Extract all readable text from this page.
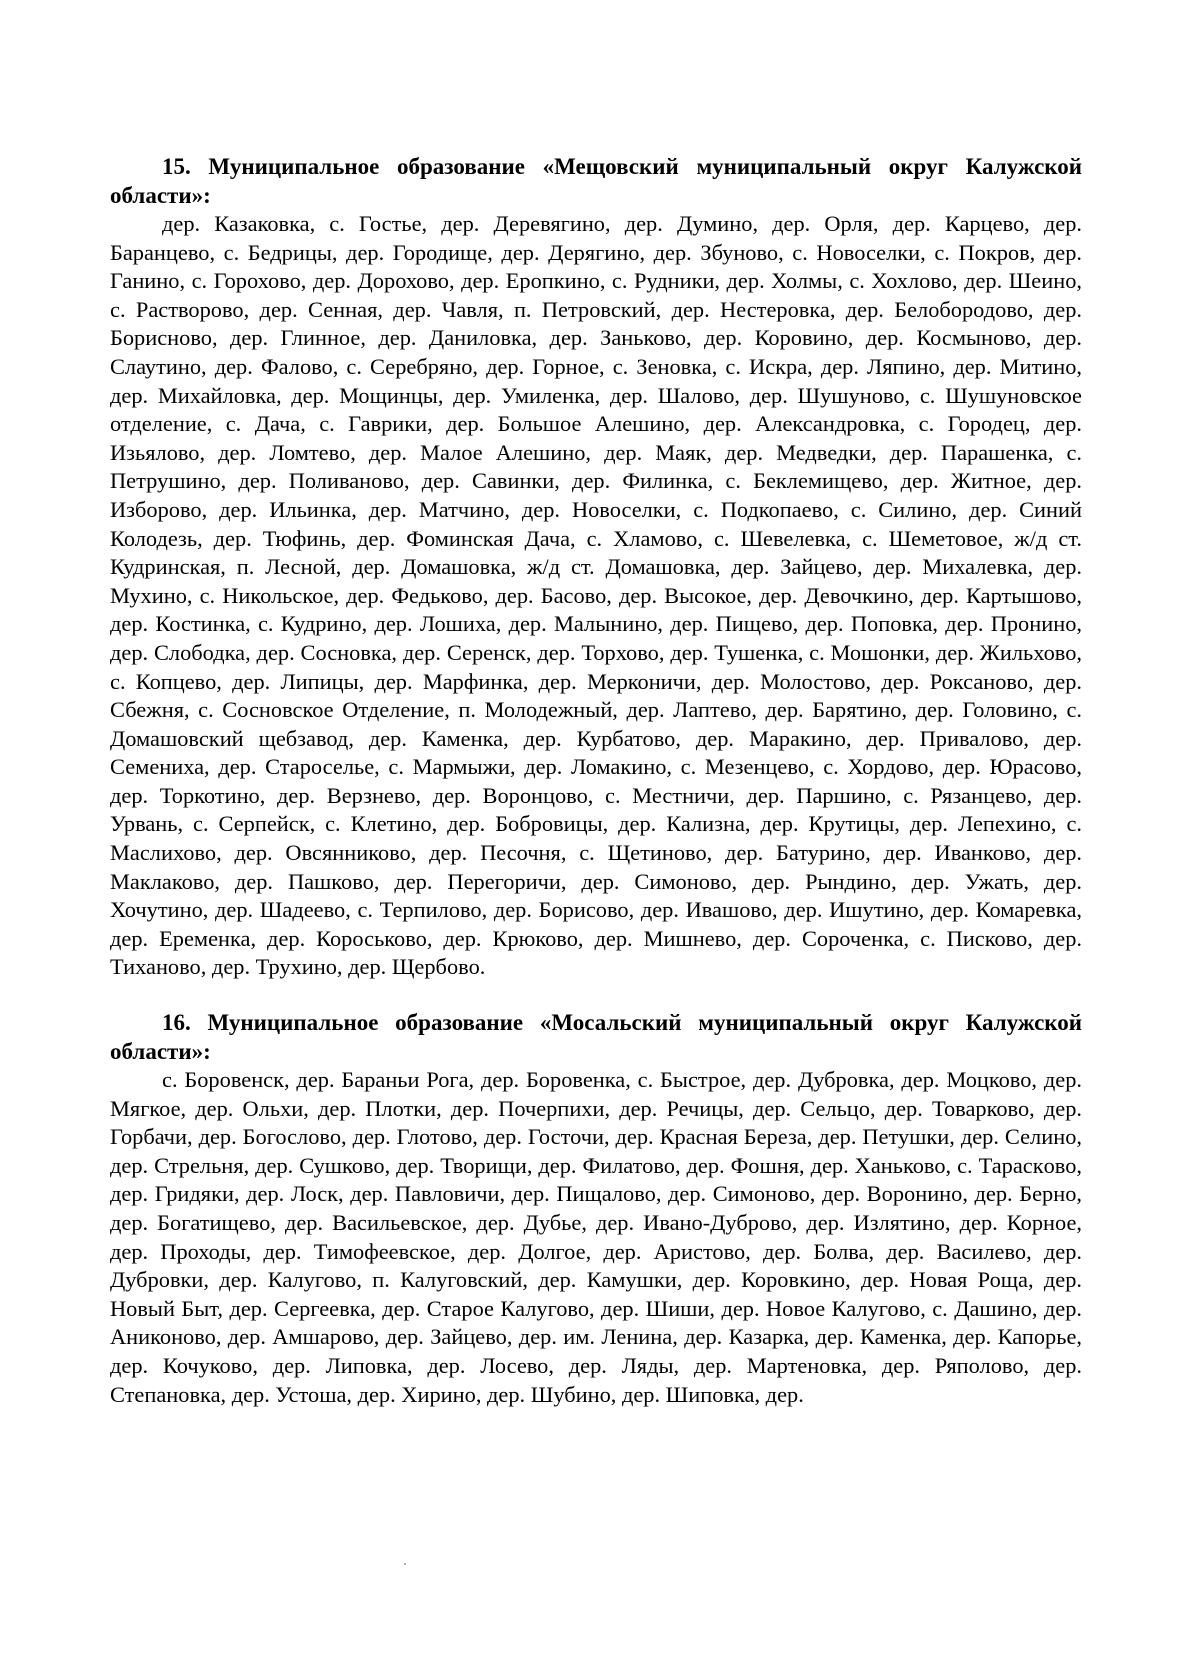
15. Муниципальное образование «Мещовский муниципальный округ Калужской области»:

дер. Казаковка, с. Гостье, дер. Деревягино, дер. Думино, дер. Орля, дер. Карцево, дер. Баранцево, с. Бедрицы, дер. Городище, дер. Дерягино, дер. Збуново, с. Новоселки, с. Покров, дер. Ганино, с. Горохово, дер. Дорохово, дер. Еропкино, с. Рудники, дер. Холмы, с. Хохлово, дер. Шеино, с. Растворово, дер. Сенная, дер. Чавля, п. Петровский, дер. Нестеровка, дер. Белобородово, дер. Борисново, дер. Глинное, дер. Даниловка, дер. Заньково, дер. Коровино, дер. Космыново, дер. Слаутино, дер. Фалово, с. Серебряно, дер. Горное, с. Зеновка, с. Искра, дер. Ляпино, дер. Митино, дер. Михайловка, дер. Мощинцы, дер. Умиленка, дер. Шалово, дер. Шушуново, с. Шушуновское отделение, с. Дача, с. Гаврики, дер. Большое Алешино, дер. Александровка, с. Городец, дер. Изьялово, дер. Ломтево, дер. Малое Алешино, дер. Маяк, дер. Медведки, дер. Парашенка, с. Петрушино, дер. Поливаново, дер. Савинки, дер. Филинка, с. Беклемищево, дер. Житное, дер. Изборово, дер. Ильинка, дер. Матчино, дер. Новоселки, с. Подкопаево, с. Силино, дер. Синий Колодезь, дер. Тюфинь, дер. Фоминская Дача, с. Хламово, с. Шевелевка, с. Шеметовое, ж/д ст. Кудринская, п. Лесной, дер. Домашовка, ж/д ст. Домашовка, дер. Зайцево, дер. Михалевка, дер. Мухино, с. Никольское, дер. Федьково, дер. Басово, дер. Высокое, дер. Девочкино, дер. Картышово, дер. Костинка, с. Кудрино, дер. Лошиха, дер. Малынино, дер. Пищево, дер. Поповка, дер. Пронино, дер. Слободка, дер. Сосновка, дер. Серенск, дер. Торхово, дер. Тушенка, с. Мошонки, дер. Жильхово, с. Копцево, дер. Липицы, дер. Марфинка, дер. Мерконичи, дер. Молостово, дер. Роксаново, дер. Сбежня, с. Сосновское Отделение, п. Молодежный, дер. Лаптево, дер. Барятино, дер. Головино, с. Домашовский щебзавод, дер. Каменка, дер. Курбатово, дер. Маракино, дер. Привалово, дер. Семениха, дер. Староселье, с. Мармыжи, дер. Ломакино, с. Мезенцево, с. Хордово, дер. Юрасово, дер. Торкотино, дер. Верзнево, дер. Воронцово, с. Местничи, дер. Паршино, с. Рязанцево, дер. Урвань, с. Серпейск, с. Клетино, дер. Бобровицы, дер. Кализна, дер. Крутицы, дер. Лепехино, с. Маслихово, дер. Овсянниково, дер. Песочня, с. Щетиново, дер. Батурино, дер. Иванково, дер. Маклаково, дер. Пашково, дер. Перегоричи, дер. Симоново, дер. Рындино, дер. Ужать, дер. Хочутино, дер. Шадеево, с. Терпилово, дер. Борисово, дер. Ивашово, дер. Ишутино, дер. Комаревка, дер. Еременка, дер. Короськово, дер. Крюково, дер. Мишнево, дер. Сороченка, с. Писково, дер. Тиханово, дер. Трухино, дер. Щербово.

16. Муниципальное образование «Мосальский муниципальный округ Калужской области»:

с. Боровенск, дер. Бараньи Рога, дер. Боровенка, с. Быстрое, дер. Дубровка, дер. Моцково, дер. Мягкое, дер. Ольхи, дер. Плотки, дер. Почерпихи, дер. Речицы, дер. Сельцо, дер. Товарково, дер. Горбачи, дер. Богослово, дер. Глотово, дер. Госточи, дер. Красная Береза, дер. Петушки, дер. Селино, дер. Стрельня, дер. Сушково, дер. Творищи, дер. Филатово, дер. Фошня, дер. Ханьково, с. Тараскoво, дер. Гридяки, дер. Лоск, дер. Павловичи, дер. Пищалово, дер. Симоново, дер. Воронино, дер. Берно, дер. Богатищево, дер. Васильевское, дер. Дубье, дер. Ивано-Дуброво, дер. Излятино, дер. Корное, дер. Проходы, дер. Тимофеевское, дер. Долгое, дер. Аристово, дер. Болва, дер. Василево, дер. Дубровки, дер. Калугово, п. Калуговский, дер. Камушки, дер. Коровкино, дер. Новая Роща, дер. Новый Быт, дер. Сергеевка, дер. Старое Калугово, дер. Шиши, дер. Новое Калугово, с. Дашино, дер. Аниконово, дер. Амшарово, дер. Зайцево, дер. им. Ленина, дер. Казарка, дер. Каменка, дер. Капорье, дер. Кочуково, дер. Липовка, дер. Лосево, дер. Ляды, дер. Мартеновка, дер. Ряполово, дер. Степановка, дер. Устоша, дер. Хирино, дер. Шубино, дер. Шиповка, дер.
